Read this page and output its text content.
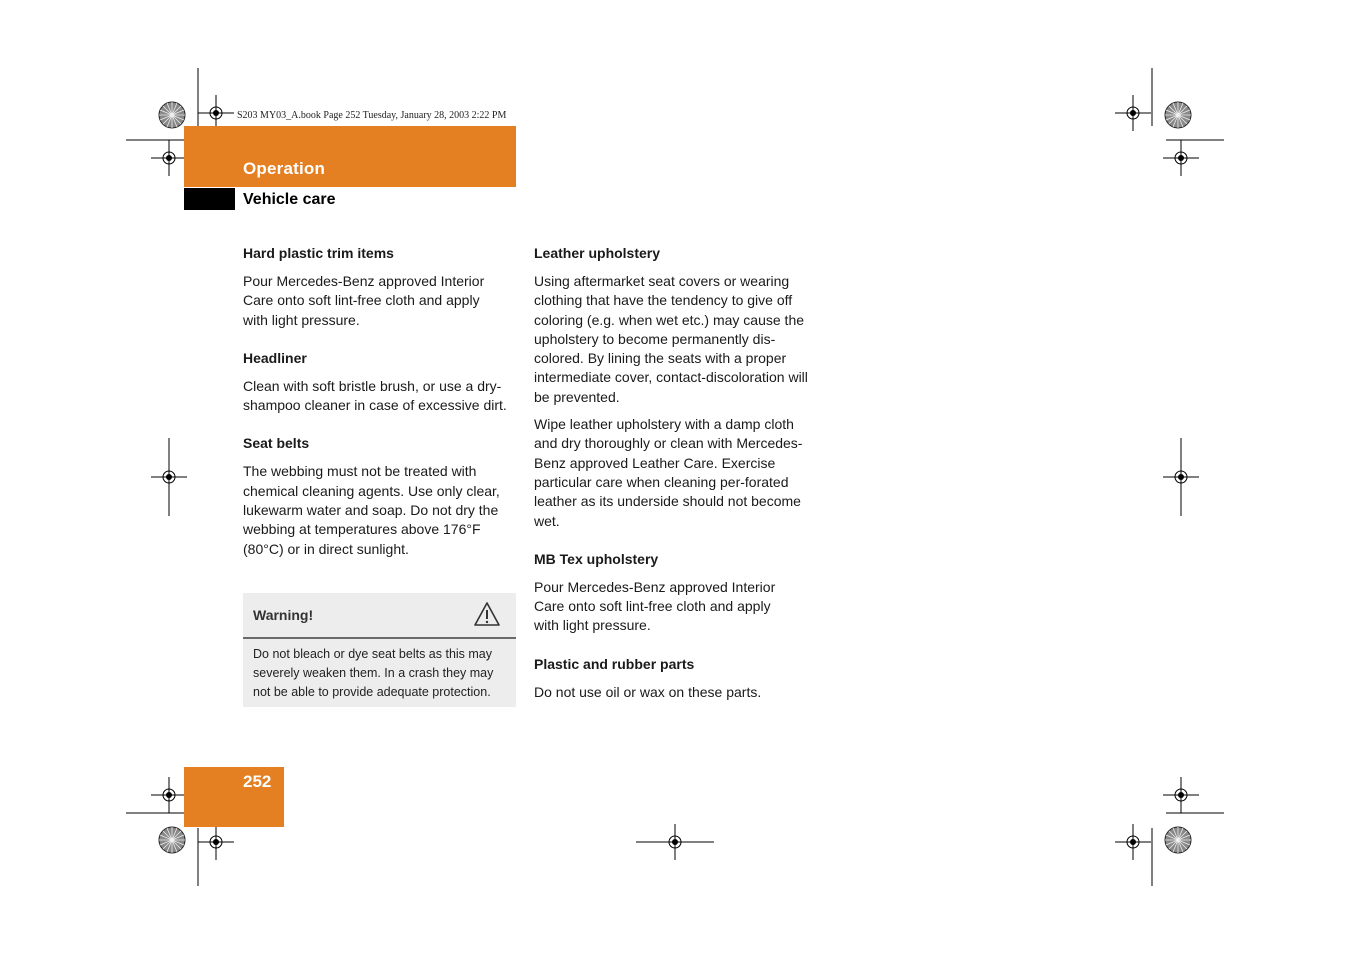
S203 MY03_A.book Page 252 Tuesday, January 28, 2003 2:22 PM
Operation
Vehicle care
Hard plastic trim items

Pour Mercedes-Benz approved Interior Care onto soft lint-free cloth and apply with light pressure.

Headliner

Clean with soft bristle brush, or use a dry-shampoo cleaner in case of excessive dirt.

Seat belts

The webbing must not be treated with chemical cleaning agents. Use only clear, lukewarm water and soap. Do not dry the webbing at temperatures above 176°F (80°C) or in direct sunlight.

Warning!
Do not bleach or dye seat belts as this may severely weaken them. In a crash they may not be able to provide adequate protection.
Leather upholstery

Using aftermarket seat covers or wearing clothing that have the tendency to give off coloring (e.g. when wet etc.) may cause the upholstery to become permanently dis-colored. By lining the seats with a proper intermediate cover, contact-discoloration will be prevented.

Wipe leather upholstery with a damp cloth and dry thoroughly or clean with Mercedes-Benz approved Leather Care. Exercise particular care when cleaning per-forated leather as its underside should not become wet.

MB Tex upholstery

Pour Mercedes-Benz approved Interior Care onto soft lint-free cloth and apply with light pressure.

Plastic and rubber parts

Do not use oil or wax on these parts.

252
